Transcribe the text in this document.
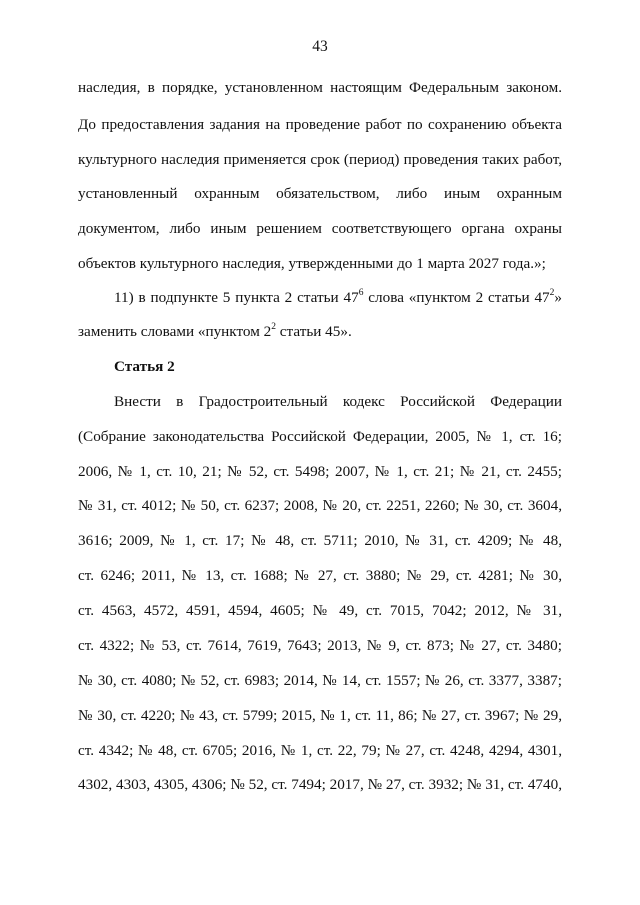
43
наследия, в порядке, установленном настоящим Федеральным законом.
До предоставления задания на проведение работ по сохранению объекта
культурного наследия применяется срок (период) проведения таких работ,
установленный охранным обязательством, либо иным охранным
документом, либо иным решением соответствующего органа охраны
объектов культурного наследия, утвержденными до 1 марта 2027 года.»;
11) в подпункте 5 пункта 2 статьи $47^6$ слова «пунктом 2 статьи $47^2$»
заменить словами «пунктом $2^2$ статьи 45».
Статья 2
Внести в Градостроительный кодекс Российской Федерации
(Собрание законодательства Российской Федерации, 2005, № 1, ст. 16;
2006, № 1, ст. 10, 21; № 52, ст. 5498; 2007, № 1, ст. 21; № 21, ст. 2455;
№ 31, ст. 4012; № 50, ст. 6237; 2008, № 20, ст. 2251, 2260; № 30, ст. 3604,
3616; 2009, № 1, ст. 17; № 48, ст. 5711; 2010, № 31, ст. 4209; № 48,
ст. 6246; 2011, № 13, ст. 1688; № 27, ст. 3880; № 29, ст. 4281; № 30,
ст. 4563, 4572, 4591, 4594, 4605; № 49, ст. 7015, 7042; 2012, № 31,
ст. 4322; № 53, ст. 7614, 7619, 7643; 2013, № 9, ст. 873; № 27, ст. 3480;
№ 30, ст. 4080; № 52, ст. 6983; 2014, № 14, ст. 1557; № 26, ст. 3377, 3387;
№ 30, ст. 4220; № 43, ст. 5799; 2015, № 1, ст. 11, 86; № 27, ст. 3967; № 29,
ст. 4342; № 48, ст. 6705; 2016, № 1, ст. 22, 79; № 27, ст. 4248, 4294, 4301,
4302, 4303, 4305, 4306; № 52, ст. 7494; 2017, № 27, ст. 3932; № 31, ст. 4740,
